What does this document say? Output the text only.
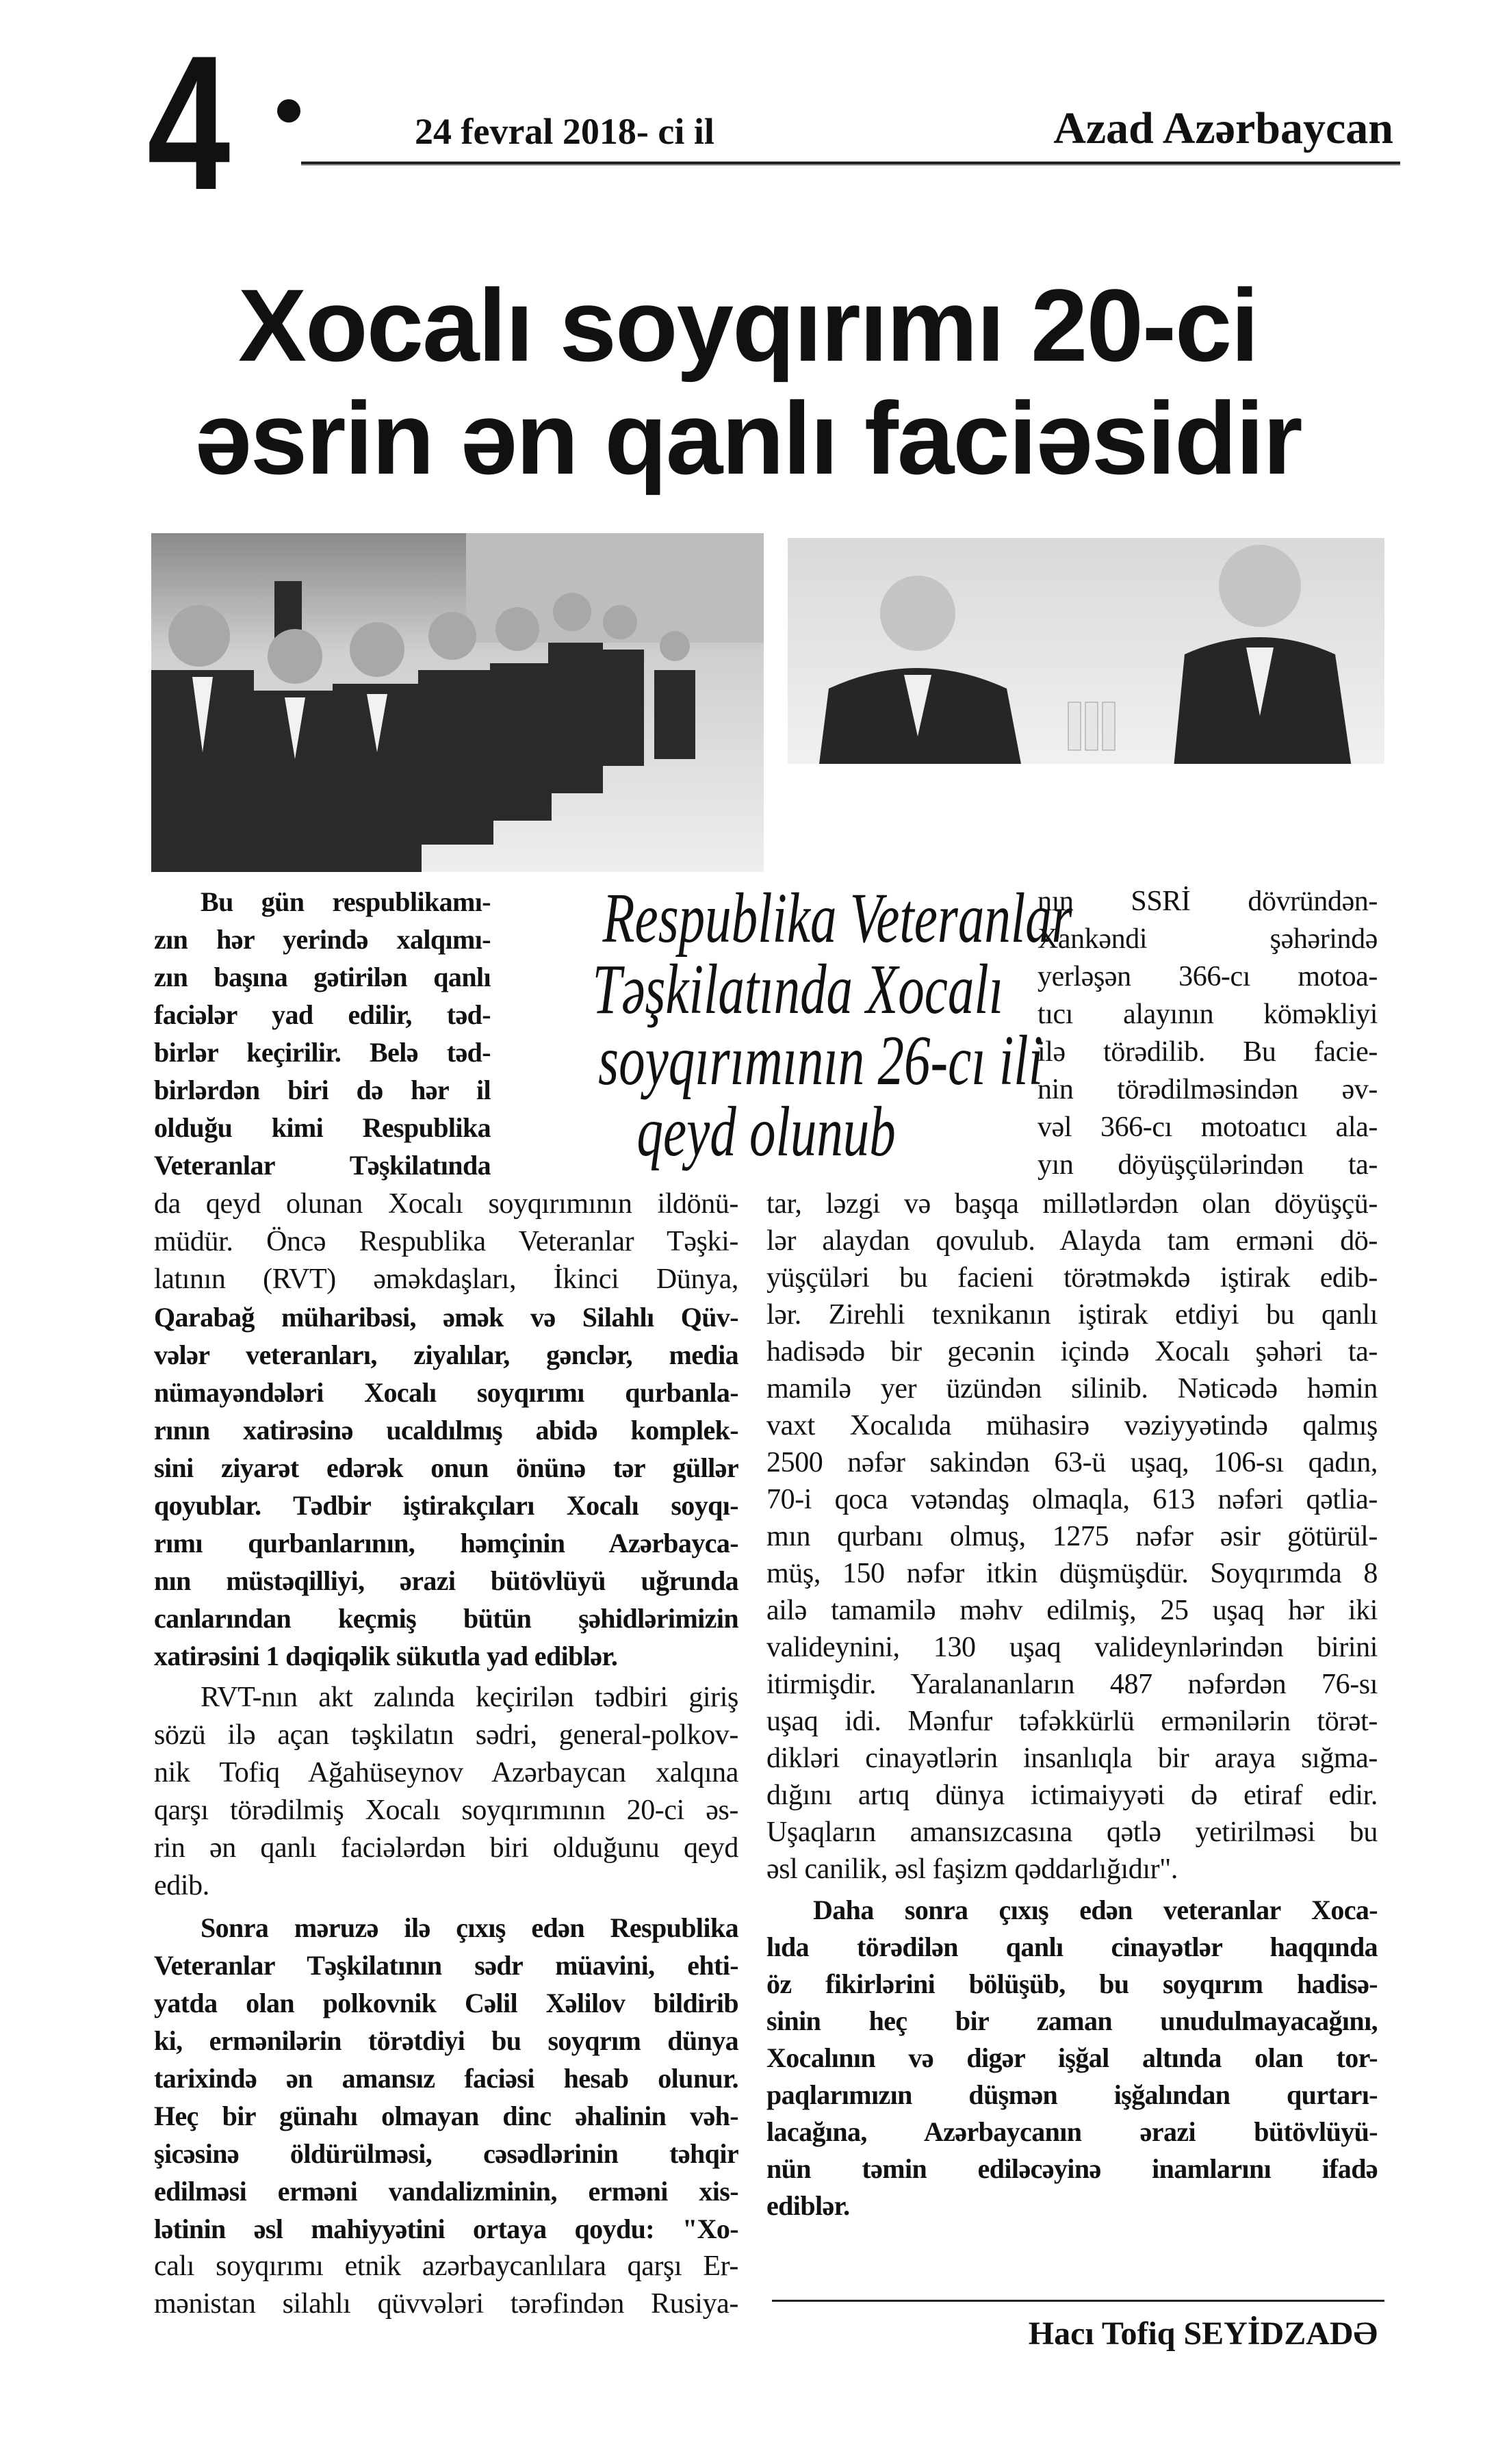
4	24 fevral 2018- ci il	Azad Azərbaycan
Xocalı soyqırımı 20-ci
əsrin ən qanlı faciəsidir
Respublika Veteranlar
Təşkilatında Xocalı
soyqırımının 26-cı ili
qeyd olunub
Bu gün respublikamı-
zın hər yerində xalqımı-
zın başına gətirilən qanlı
faciələr yad edilir, təd-
birlər keçirilir. Belə təd-
birlərdən biri də hər il
olduğu kimi Respublika
Veteranlar Təşkilatında
da qeyd olunan Xocalı soyqırımının ildönü-
müdür. Öncə Respublika Veteranlar Təşki-
latının (RVT) əməkdaşları, İkinci Dünya,
Qarabağ müharibəsi, əmək və Silahlı Qüv-
vələr veteranları, ziyalılar, gənclər, media
nümayəndələri Xocalı soyqırımı qurbanla-
rının xatirəsinə ucaldılmış abidə komplek-
sini ziyarət edərək onun önünə tər güllər
qoyublar. Tədbir iştirakçıları Xocalı soyqı-
rımı qurbanlarının, həmçinin Azərbayca-
nın müstəqilliyi, ərazi bütövlüyü uğrunda
canlarından keçmiş bütün şəhidlərimizin
xatirəsini 1 dəqiqəlik sükutla yad ediblər.
RVT-nın akt zalında keçirilən tədbiri giriş
sözü ilə açan təşkilatın sədri, general-polkov-
nik Tofiq Ağahüseynov Azərbaycan xalqına
qarşı törədilmiş Xocalı soyqırımının 20-ci əs-
rin ən qanlı faciələrdən biri olduğunu qeyd
edib.
Sonra məruzə ilə çıxış edən Respublika
Veteranlar Təşkilatının sədr müavini, ehti-
yatda olan polkovnik Cəlil Xəlilov bildirib
ki, ermənilərin törətdiyi bu soyqrım dünya
tarixində ən amansız faciəsi hesab olunur.
Heç bir günahı olmayan dinc əhalinin vəh-
şicəsinə öldürülməsi, cəsədlərinin təhqir
edilməsi erməni vandalizminin, erməni xis-
lətinin əsl mahiyyətini ortaya qoydu: "Xo-
calı soyqırımı etnik azərbaycanlılara qarşı Er-
mənistan silahlı qüvvələri tərəfindən Rusiya-
nın SSRİ dövründən-
Xankəndi şəhərində
yerləşən 366-cı motoa-
tıcı alayının köməkliyi
ilə törədilib. Bu facie-
nin törədilməsindən əv-
vəl 366-cı motoatıcı ala-
yın döyüşçülərindən ta-
tar, ləzgi və başqa millətlərdən olan döyüşçü-
lər alaydan qovulub. Alayda tam erməni dö-
yüşçüləri bu facieni törətməkdə iştirak edib-
lər. Zirehli texnikanın iştirak etdiyi bu qanlı
hadisədə bir gecənin içində Xocalı şəhəri ta-
mamilə yer üzündən silinib. Nəticədə həmin
vaxt Xocalıda mühasirə vəziyyətində qalmış
2500 nəfər sakindən 63-ü uşaq, 106-sı qadın,
70-i qoca vətəndaş olmaqla, 613 nəfəri qətlia-
mın qurbanı olmuş, 1275 nəfər əsir götürül-
müş, 150 nəfər itkin düşmüşdür. Soyqırımda 8
ailə tamamilə məhv edilmiş, 25 uşaq hər iki
valideynini, 130 uşaq valideynlərindən birini
itirmişdir. Yaralananların 487 nəfərdən 76-sı
uşaq idi. Mənfur təfəkkürlü ermənilərin törət-
dikləri cinayətlərin insanlıqla bir araya sığma-
dığını artıq dünya ictimaiyyəti də etiraf edir.
Uşaqların amansızcasına qətlə yetirilməsi bu
əsl canilik, əsl faşizm qəddarlığıdır".
Daha sonra çıxış edən veteranlar Xoca-
lıda törədilən qanlı cinayətlər haqqında
öz fikirlərini bölüşüb, bu soyqırım hadisə-
sinin heç bir zaman unudulmayacağını,
Xocalının və digər işğal altında olan tor-
paqlarımızın düşmən işğalından qurtarı-
lacağına, Azərbaycanın ərazi bütövlüyü-
nün təmin ediləcəyinə inamlarını ifadə
ediblər.
Hacı Tofiq SEYİDZADƏ
